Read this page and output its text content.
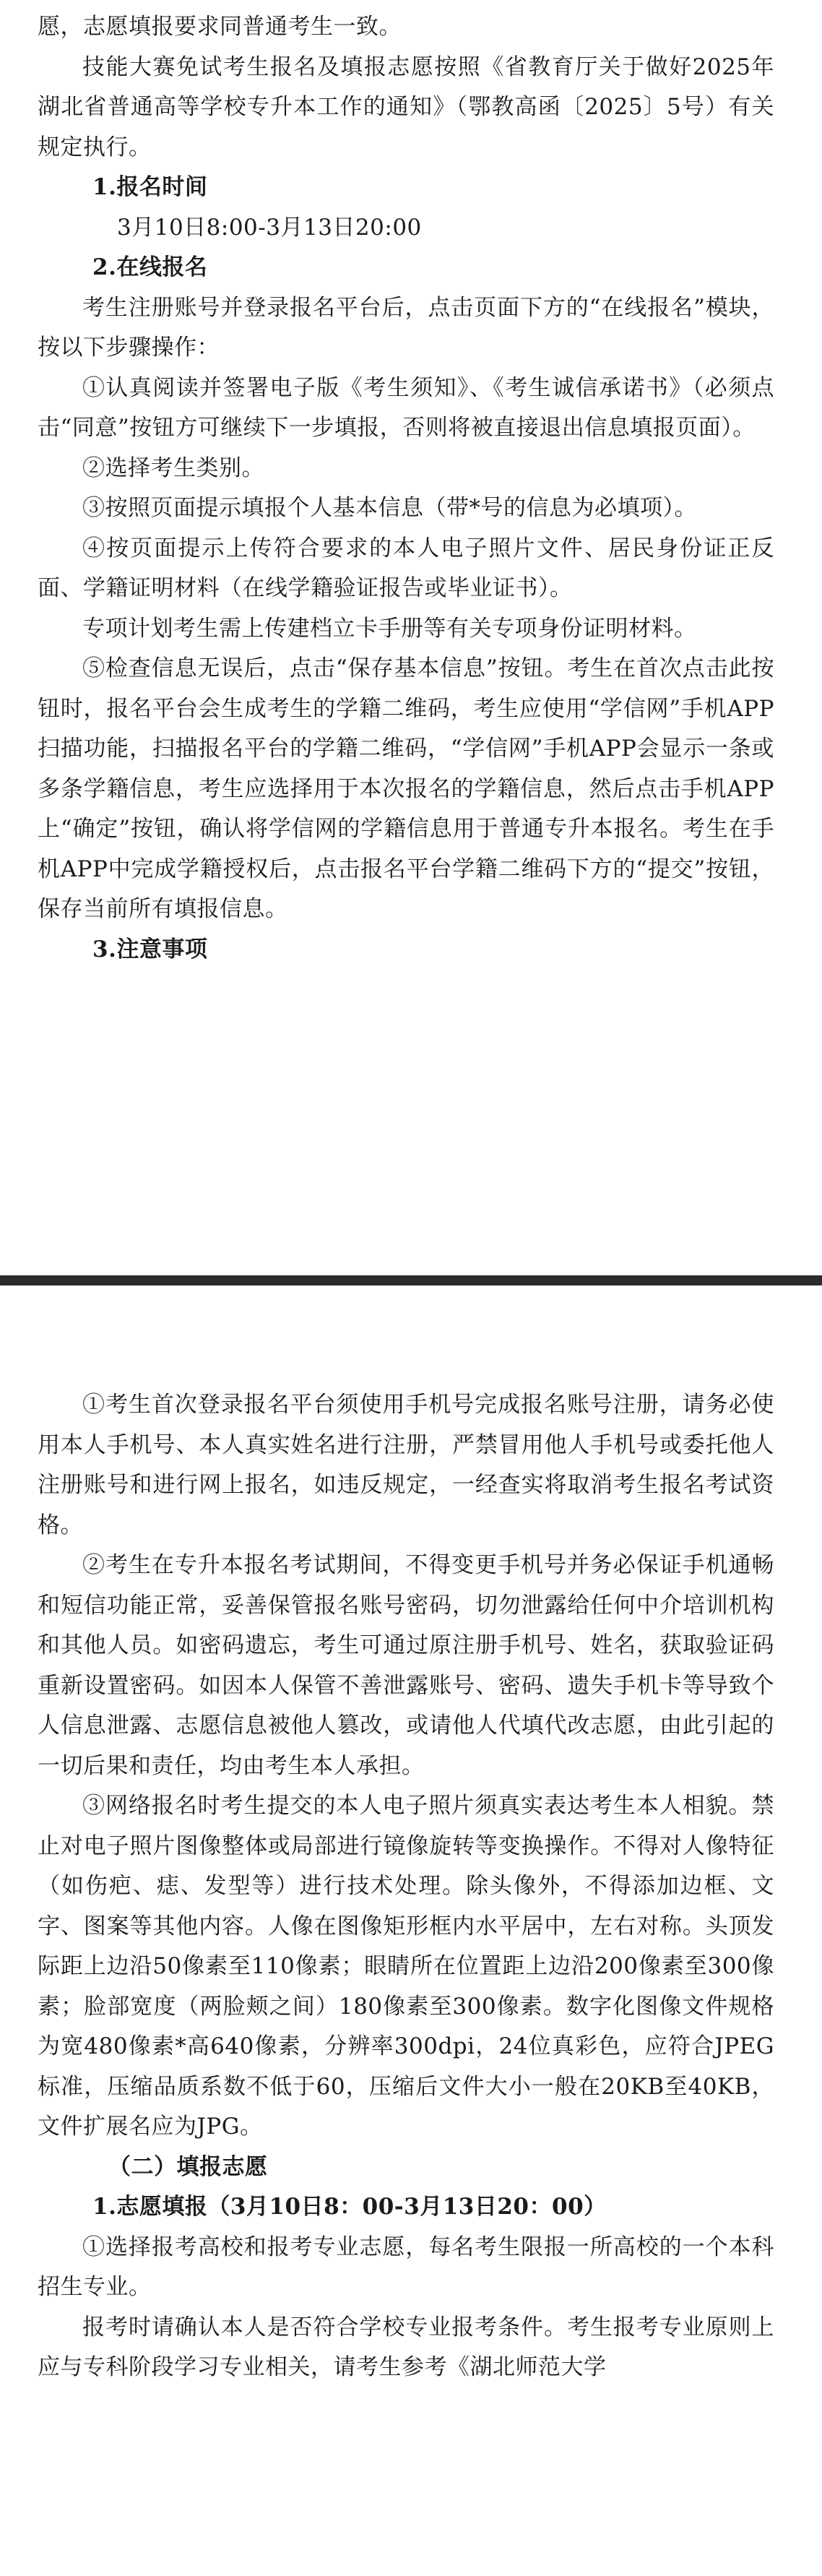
愿，志愿填报要求同普通考生一致。

技能大赛免试考生报名及填报志愿按照《省教育厅关于做好2025年湖北省普通高等学校专升本工作的通知》（鄂教高函〔2025〕5号）有关规定执行。

1.报名时间

3月10日8:00-3月13日20:00

2.在线报名

考生注册账号并登录报名平台后，点击页面下方的“在线报名”模块，按以下步骤操作：

①认真阅读并签署电子版《考生须知》、《考生诚信承诺书》（必须点击“同意”按钮方可继续下一步填报，否则将被直接退出信息填报页面）。

②选择考生类别。

③按照页面提示填报个人基本信息（带*号的信息为必填项）。

④按页面提示上传符合要求的本人电子照片文件、居民身份证正反面、学籍证明材料（在线学籍验证报告或毕业证书）。

专项计划考生需上传建档立卡手册等有关专项身份证明材料。

⑤检查信息无误后，点击“保存基本信息”按钮。考生在首次点击此按钮时，报名平台会生成考生的学籍二维码，考生应使用“学信网”手机APP扫描功能，扫描报名平台的学籍二维码，“学信网”手机APP会显示一条或多条学籍信息，考生应选择用于本次报名的学籍信息，然后点击手机APP上“确定”按钮，确认将学信网的学籍信息用于普通专升本报名。考生在手机APP中完成学籍授权后，点击报名平台学籍二维码下方的“提交”按钮，保存当前所有填报信息。

3.注意事项

①考生首次登录报名平台须使用手机号完成报名账号注册，请务必使用本人手机号、本人真实姓名进行注册，严禁冒用他人手机号或委托他人注册账号和进行网上报名，如违反规定，一经查实将取消考生报名考试资格。

②考生在专升本报名考试期间，不得变更手机号并务必保证手机通畅和短信功能正常，妥善保管报名账号密码，切勿泄露给任何中介培训机构和其他人员。如密码遗忘，考生可通过原注册手机号、姓名，获取验证码重新设置密码。如因本人保管不善泄露账号、密码、遗失手机卡等导致个人信息泄露、志愿信息被他人篡改，或请他人代填代改志愿，由此引起的一切后果和责任，均由考生本人承担。

③网络报名时考生提交的本人电子照片须真实表达考生本人相貌。禁止对电子照片图像整体或局部进行镜像旋转等变换操作。不得对人像特征（如伤疤、痣、发型等）进行技术处理。除头像外，不得添加边框、文字、图案等其他内容。人像在图像矩形框内水平居中，左右对称。头顶发际距上边沿50像素至110像素；眼睛所在位置距上边沿200像素至300像素；脸部宽度（两脸颊之间）180像素至300像素。数字化图像文件规格为宽480像素*高640像素，分辨率300dpi，24位真彩色，应符合JPEG标准，压缩品质系数不低于60，压缩后文件大小一般在20KB至40KB，文件扩展名应为JPG。

（二）填报志愿

1.志愿填报（3月10日8：00-3月13日20：00）

①选择报考高校和报考专业志愿，每名考生限报一所高校的一个本科招生专业。

报考时请确认本人是否符合学校专业报考条件。考生报考专业原则上应与专科阶段学习专业相关，请考生参考《湖北师范大学
